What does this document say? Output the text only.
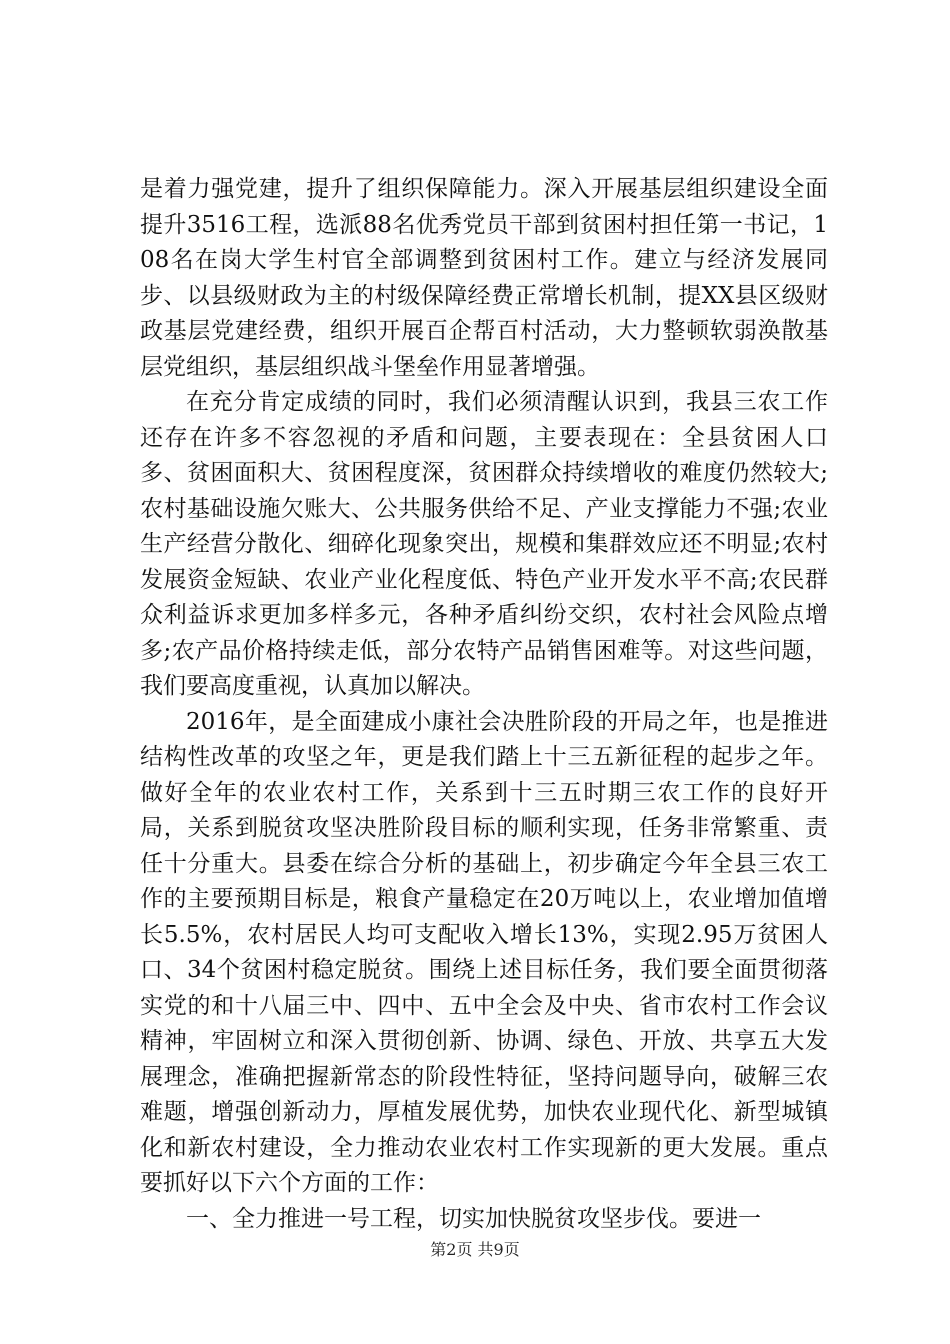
是着力强党建，提升了组织保障能力。深入开展基层组织建设全面提升3516工程，选派88名优秀党员干部到贫困村担任第一书记，108名在岗大学生村官全部调整到贫困村工作。建立与经济发展同步、以县级财政为主的村级保障经费正常增长机制，提XX县区级财政基层党建经费，组织开展百企帮百村活动，大力整顿软弱涣散基层党组织，基层组织战斗堡垒作用显著增强。

在充分肯定成绩的同时，我们必须清醒认识到，我县三农工作还存在许多不容忽视的矛盾和问题，主要表现在：全县贫困人口多、贫困面积大、贫困程度深，贫困群众持续增收的难度仍然较大;农村基础设施欠账大、公共服务供给不足、产业支撑能力不强;农业生产经营分散化、细碎化现象突出，规模和集群效应还不明显;农村发展资金短缺、农业产业化程度低、特色产业开发水平不高;农民群众利益诉求更加多样多元，各种矛盾纠纷交织，农村社会风险点增多;农产品价格持续走低，部分农特产品销售困难等。对这些问题，我们要高度重视，认真加以解决。

2016年，是全面建成小康社会决胜阶段的开局之年，也是推进结构性改革的攻坚之年，更是我们踏上十三五新征程的起步之年。做好全年的农业农村工作，关系到十三五时期三农工作的良好开局，关系到脱贫攻坚决胜阶段目标的顺利实现，任务非常繁重、责任十分重大。县委在综合分析的基础上，初步确定今年全县三农工作的主要预期目标是，粮食产量稳定在20万吨以上，农业增加值增长5.5%，农村居民人均可支配收入增长13%，实现2.95万贫困人口、34个贫困村稳定脱贫。围绕上述目标任务，我们要全面贯彻落实党的和十八届三中、四中、五中全会及中央、省市农村工作会议精神，牢固树立和深入贯彻创新、协调、绿色、开放、共享五大发展理念，准确把握新常态的阶段性特征，坚持问题导向，破解三农难题，增强创新动力，厚植发展优势，加快农业现代化、新型城镇化和新农村建设，全力推动农业农村工作实现新的更大发展。重点要抓好以下六个方面的工作：

一、全力推进一号工程，切实加快脱贫攻坚步伐。要进一

第2页 共9页
